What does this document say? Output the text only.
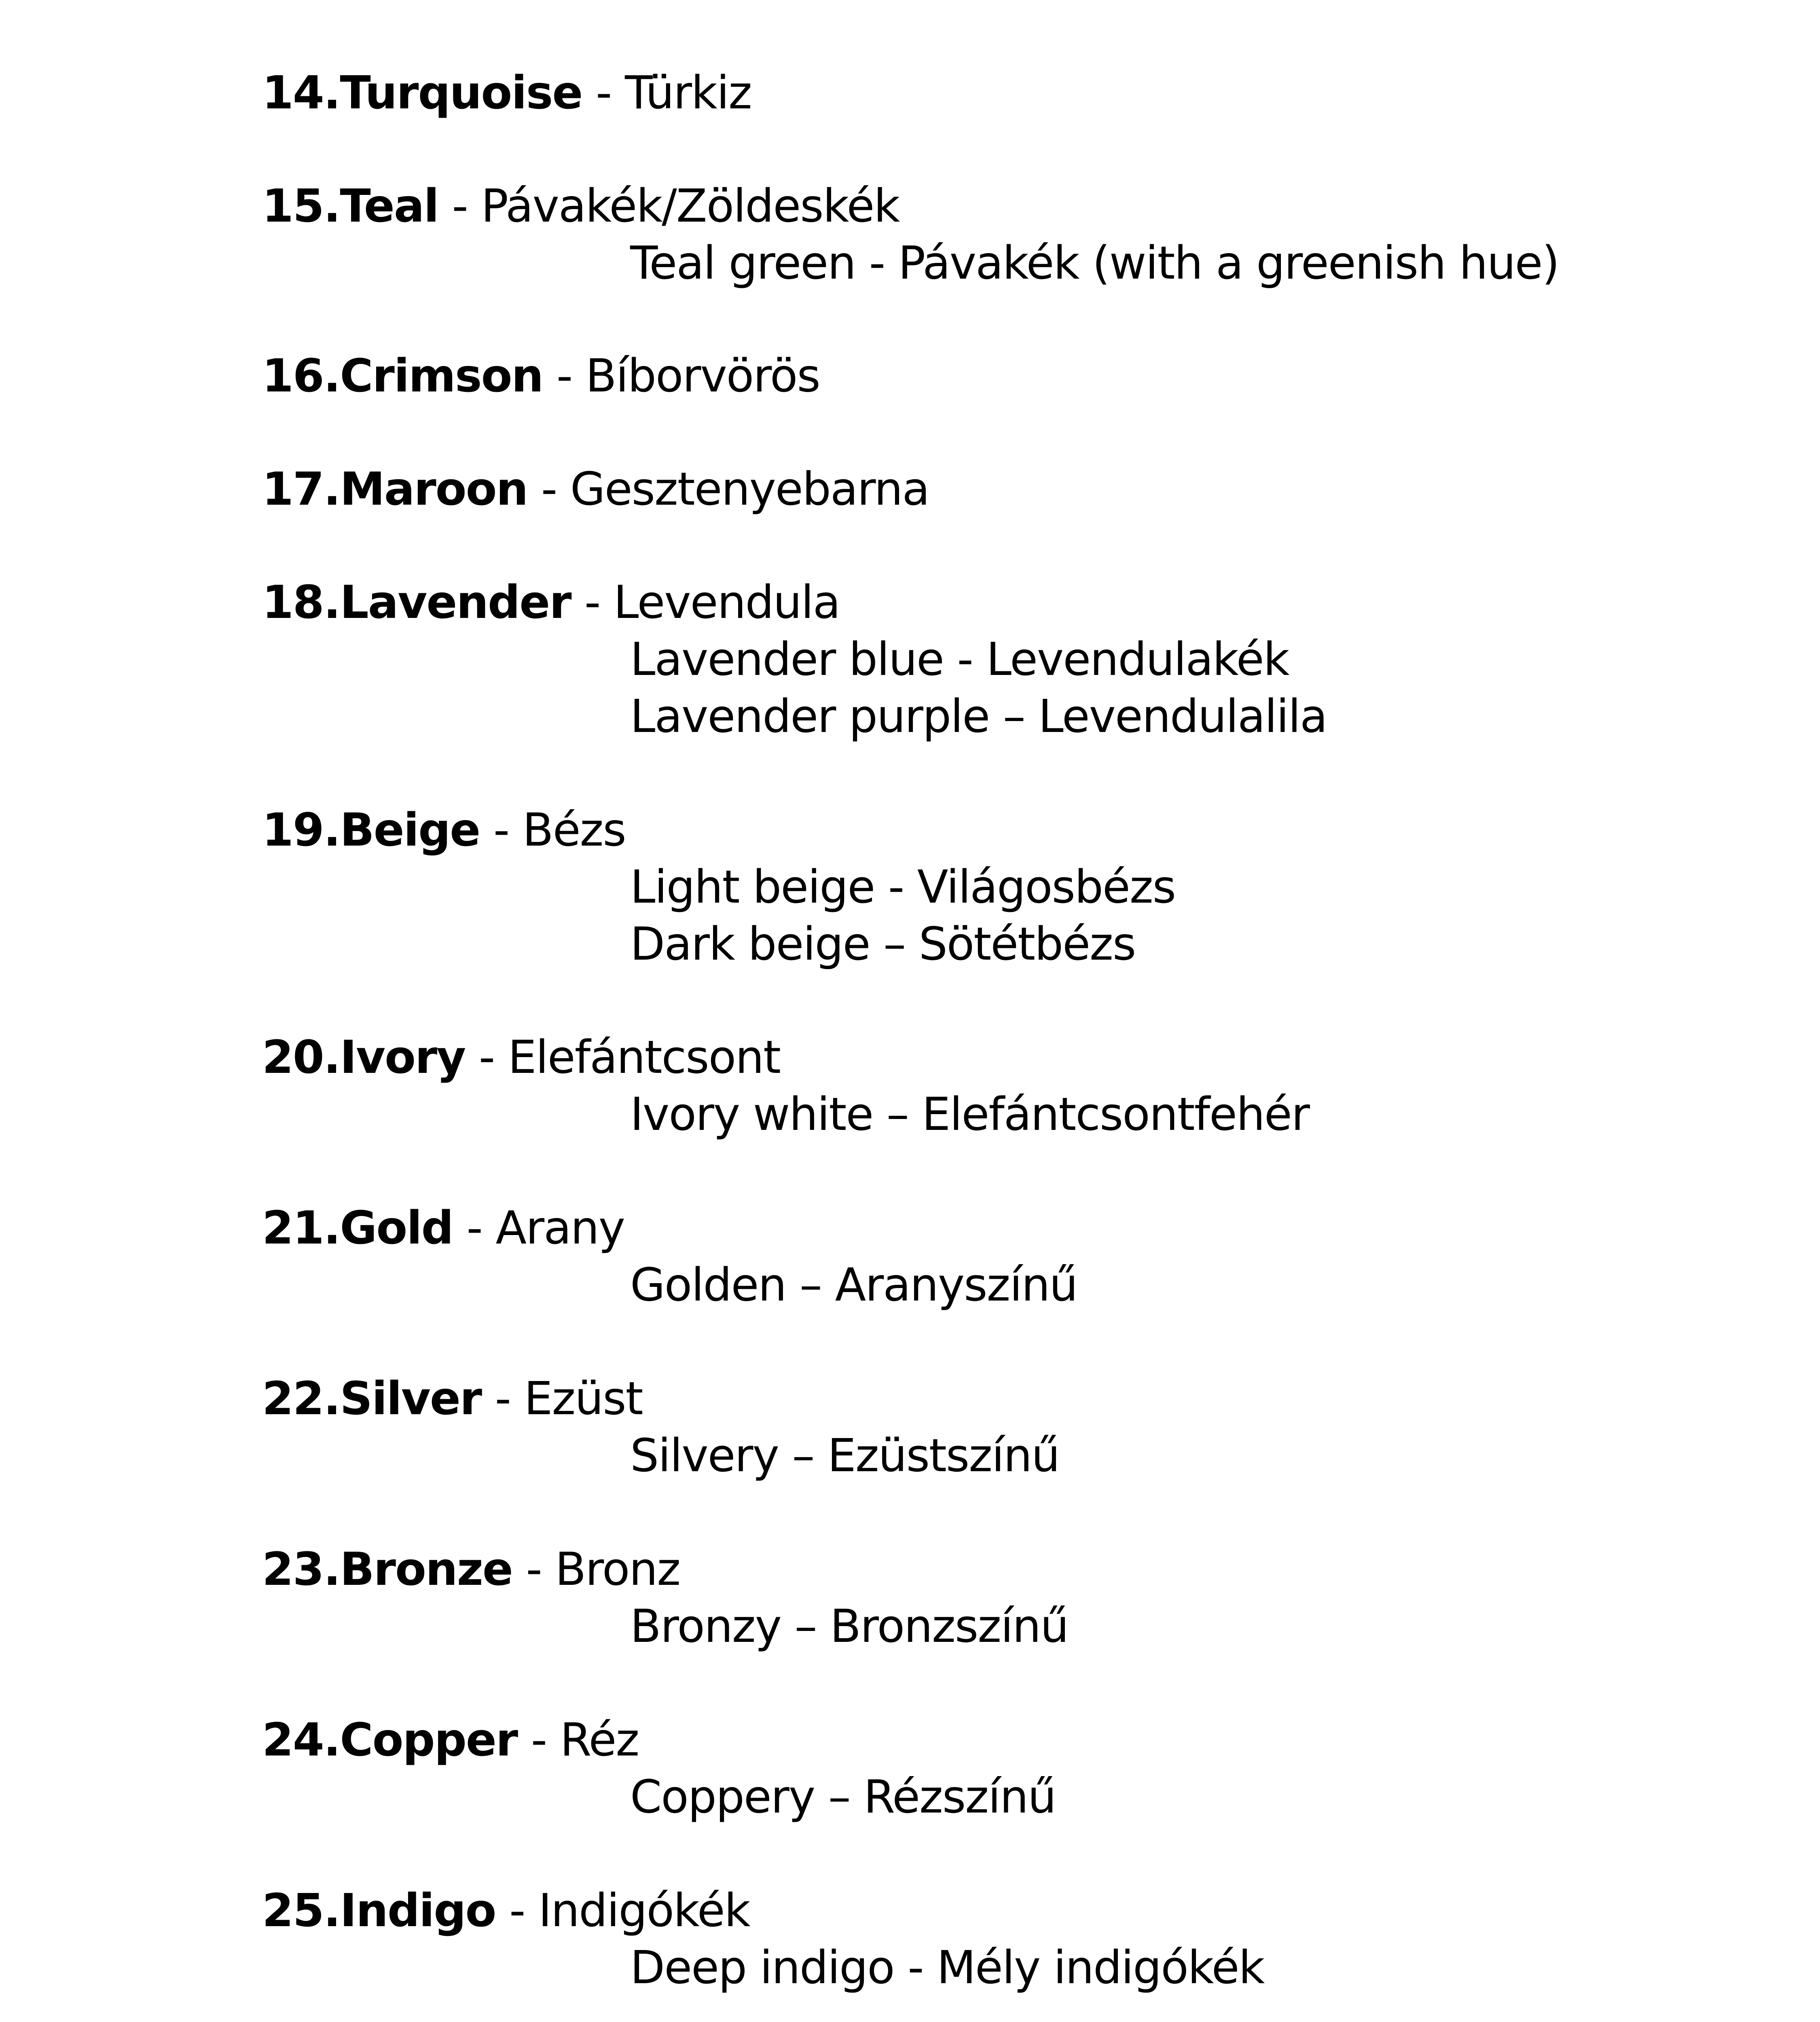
14.Turquoise - Türkiz
15.Teal - Pávakék/Zöldeskék
Teal green - Pávakék (with a greenish hue)
16.Crimson - Bíborvörös
17.Maroon - Gesztenyebarna
18.Lavender - Levendula
Lavender blue - Levendulakék
Lavender purple – Levendulalila
19.Beige - Bézs
Light beige - Világosbézs
Dark beige – Sötétbézs
20.Ivory - Elefántcsont
Ivory white – Elefántcsontfehér
21.Gold - Arany
Golden – Aranyszínű
22.Silver - Ezüst
Silvery – Ezüstszínű
23.Bronze - Bronz
Bronzy – Bronzszínű
24.Copper - Réz
Coppery – Rézszínű
25.Indigo - Indigókék
Deep indigo - Mély indigókék
